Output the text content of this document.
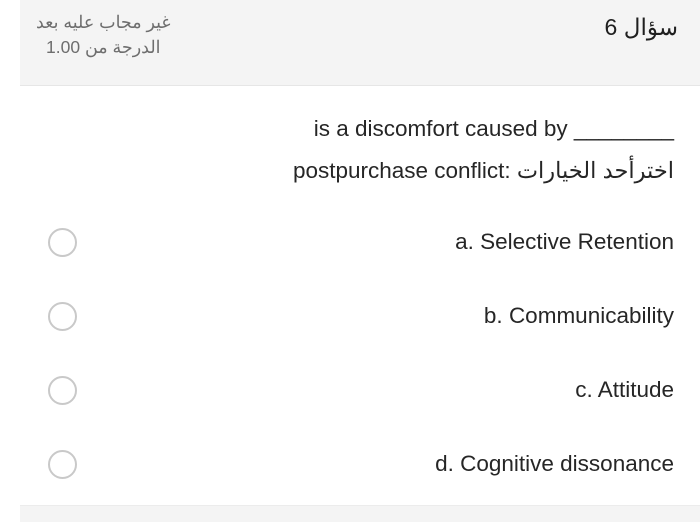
سؤال 6
غير مجاب عليه بعد
الدرجة من 1.00
is a discomfort caused by ________
postpurchase conflict: اخترأحد الخيارات
a. Selective Retention
b. Communicability
c. Attitude
d. Cognitive dissonance
